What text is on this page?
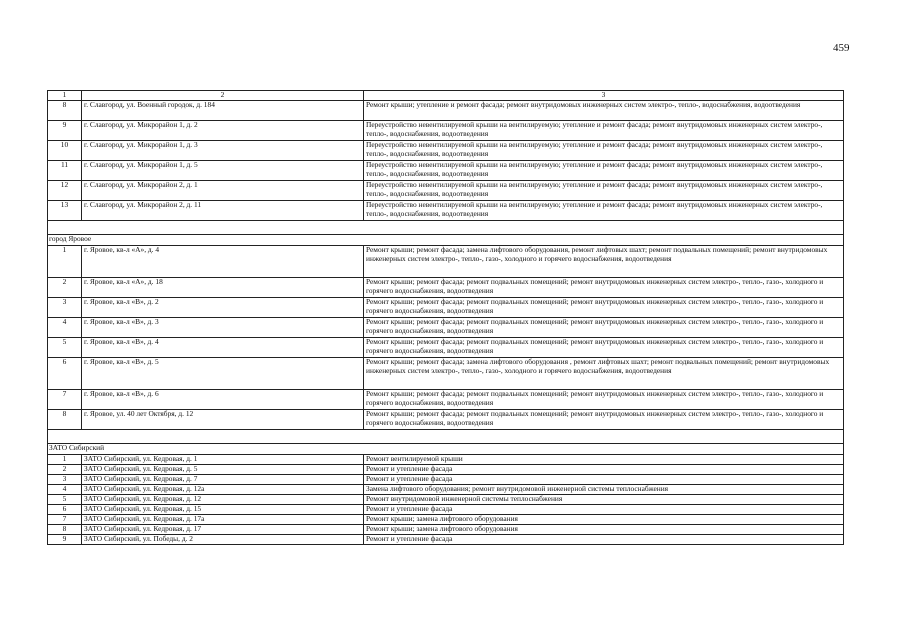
459
1	2	3
8	г. Славгород, ул. Военный городок, д. 184	Ремонт крыши; утепление и ремонт фасада; ремонт внутридомовых инженерных систем электро-, тепло-, водоснабжения, водоотведения
9	г. Славгород, ул. Микрорайон 1, д. 2	Переустройство невентилируемой крыши на вентилируемую; утепление и ремонт фасада; ремонт внутридомовых инженерных систем электро-, тепло-, водоснабжения, водоотведения
10	г. Славгород, ул. Микрорайон 1, д. 3	Переустройство невентилируемой крыши на вентилируемую; утепление и ремонт фасада; ремонт внутридомовых инженерных систем электро-, тепло-, водоснабжения, водоотведения
11	г. Славгород, ул. Микрорайон 1, д. 5	Переустройство невентилируемой крыши на вентилируемую; утепление и ремонт фасада; ремонт внутридомовых инженерных систем электро-, тепло-, водоснабжения, водоотведения
12	г. Славгород, ул. Микрорайон 2, д. 1	Переустройство невентилируемой крыши на вентилируемую; утепление и ремонт фасада; ремонт внутридомовых инженерных систем электро-, тепло-, водоснабжения, водоотведения
13	г. Славгород, ул. Микрорайон 2, д. 11	Переустройство невентилируемой крыши на вентилируемую; утепление и ремонт фасада; ремонт внутридомовых инженерных систем электро-, тепло-, водоснабжения, водоотведения

город Яровое		
1	г. Яровое, кв-л «А», д. 4	Ремонт крыши; ремонт фасада; замена лифтового оборудования, ремонт лифтовых шахт; ремонт подвальных помещений; ремонт внутридомовых инженерных систем электро-, тепло-, газо-, холодного и горячего водоснабжения, водоотведения
2	г. Яровое, кв-л «А», д. 18	Ремонт крыши; ремонт фасада; ремонт подвальных помещений; ремонт внутридомовых инженерных систем электро-, тепло-, газо-, холодного и горячего водоснабжения, водоотведения
3	г. Яровое, кв-л «В», д. 2	Ремонт крыши; ремонт фасада; ремонт подвальных помещений; ремонт внутридомовых инженерных систем электро-, тепло-, газо-, холодного и горячего водоснабжения, водоотведения
4	г. Яровое, кв-л «В», д. 3	Ремонт крыши; ремонт фасада; ремонт подвальных помещений; ремонт внутридомовых инженерных систем электро-, тепло-, газо-, холодного и горячего водоснабжения, водоотведения
5	г. Яровое, кв-л «В», д. 4	Ремонт крыши; ремонт фасада; ремонт подвальных помещений; ремонт внутридомовых инженерных систем электро-, тепло-, газо-, холодного и горячего водоснабжения, водоотведения
6	г. Яровое, кв-л «В», д. 5	Ремонт крыши; ремонт фасада; замена лифтового оборудования , ремонт лифтовых шахт; ремонт подвальных помещений; ремонт внутридомовых инженерных систем электро-, тепло-, газо-, холодного и горячего водоснабжения, водоотведения
7	г. Яровое, кв-л «В», д. 6	Ремонт крыши; ремонт фасада; ремонт подвальных помещений; ремонт внутридомовых инженерных систем электро-, тепло-, газо-, холодного и горячего водоснабжения, водоотведения
8	г. Яровое, ул. 40 лет Октября, д. 12	Ремонт крыши; ремонт фасада; ремонт подвальных помещений; ремонт внутридомовых инженерных систем электро-, тепло-, газо-, холодного и горячего водоснабжения, водоотведения

ЗАТО Сибирский		
1	ЗАТО Сибирский, ул. Кедровая, д. 1	Ремонт вентилируемой крыши
2	ЗАТО Сибирский, ул. Кедровая, д. 5	Ремонт и утепление фасада
3	ЗАТО Сибирский, ул. Кедровая, д. 7	Ремонт и утепление фасада
4	ЗАТО Сибирский, ул. Кедровая, д. 12а	Замена лифтового оборудования; ремонт внутридомовой инженерной системы теплоснабжения
5	ЗАТО Сибирский, ул. Кедровая, д. 12	Ремонт внутридомовой инженерной системы теплоснабжения
6	ЗАТО Сибирский, ул. Кедровая, д. 15	Ремонт и утепление фасада
7	ЗАТО Сибирский, ул. Кедровая, д. 17а	Ремонт крыши; замена лифтового оборудования
8	ЗАТО Сибирский, ул. Кедровая, д. 17	Ремонт крыши; замена лифтового оборудования
9	ЗАТО Сибирский, ул. Победы, д. 2	Ремонт и утепление фасада
